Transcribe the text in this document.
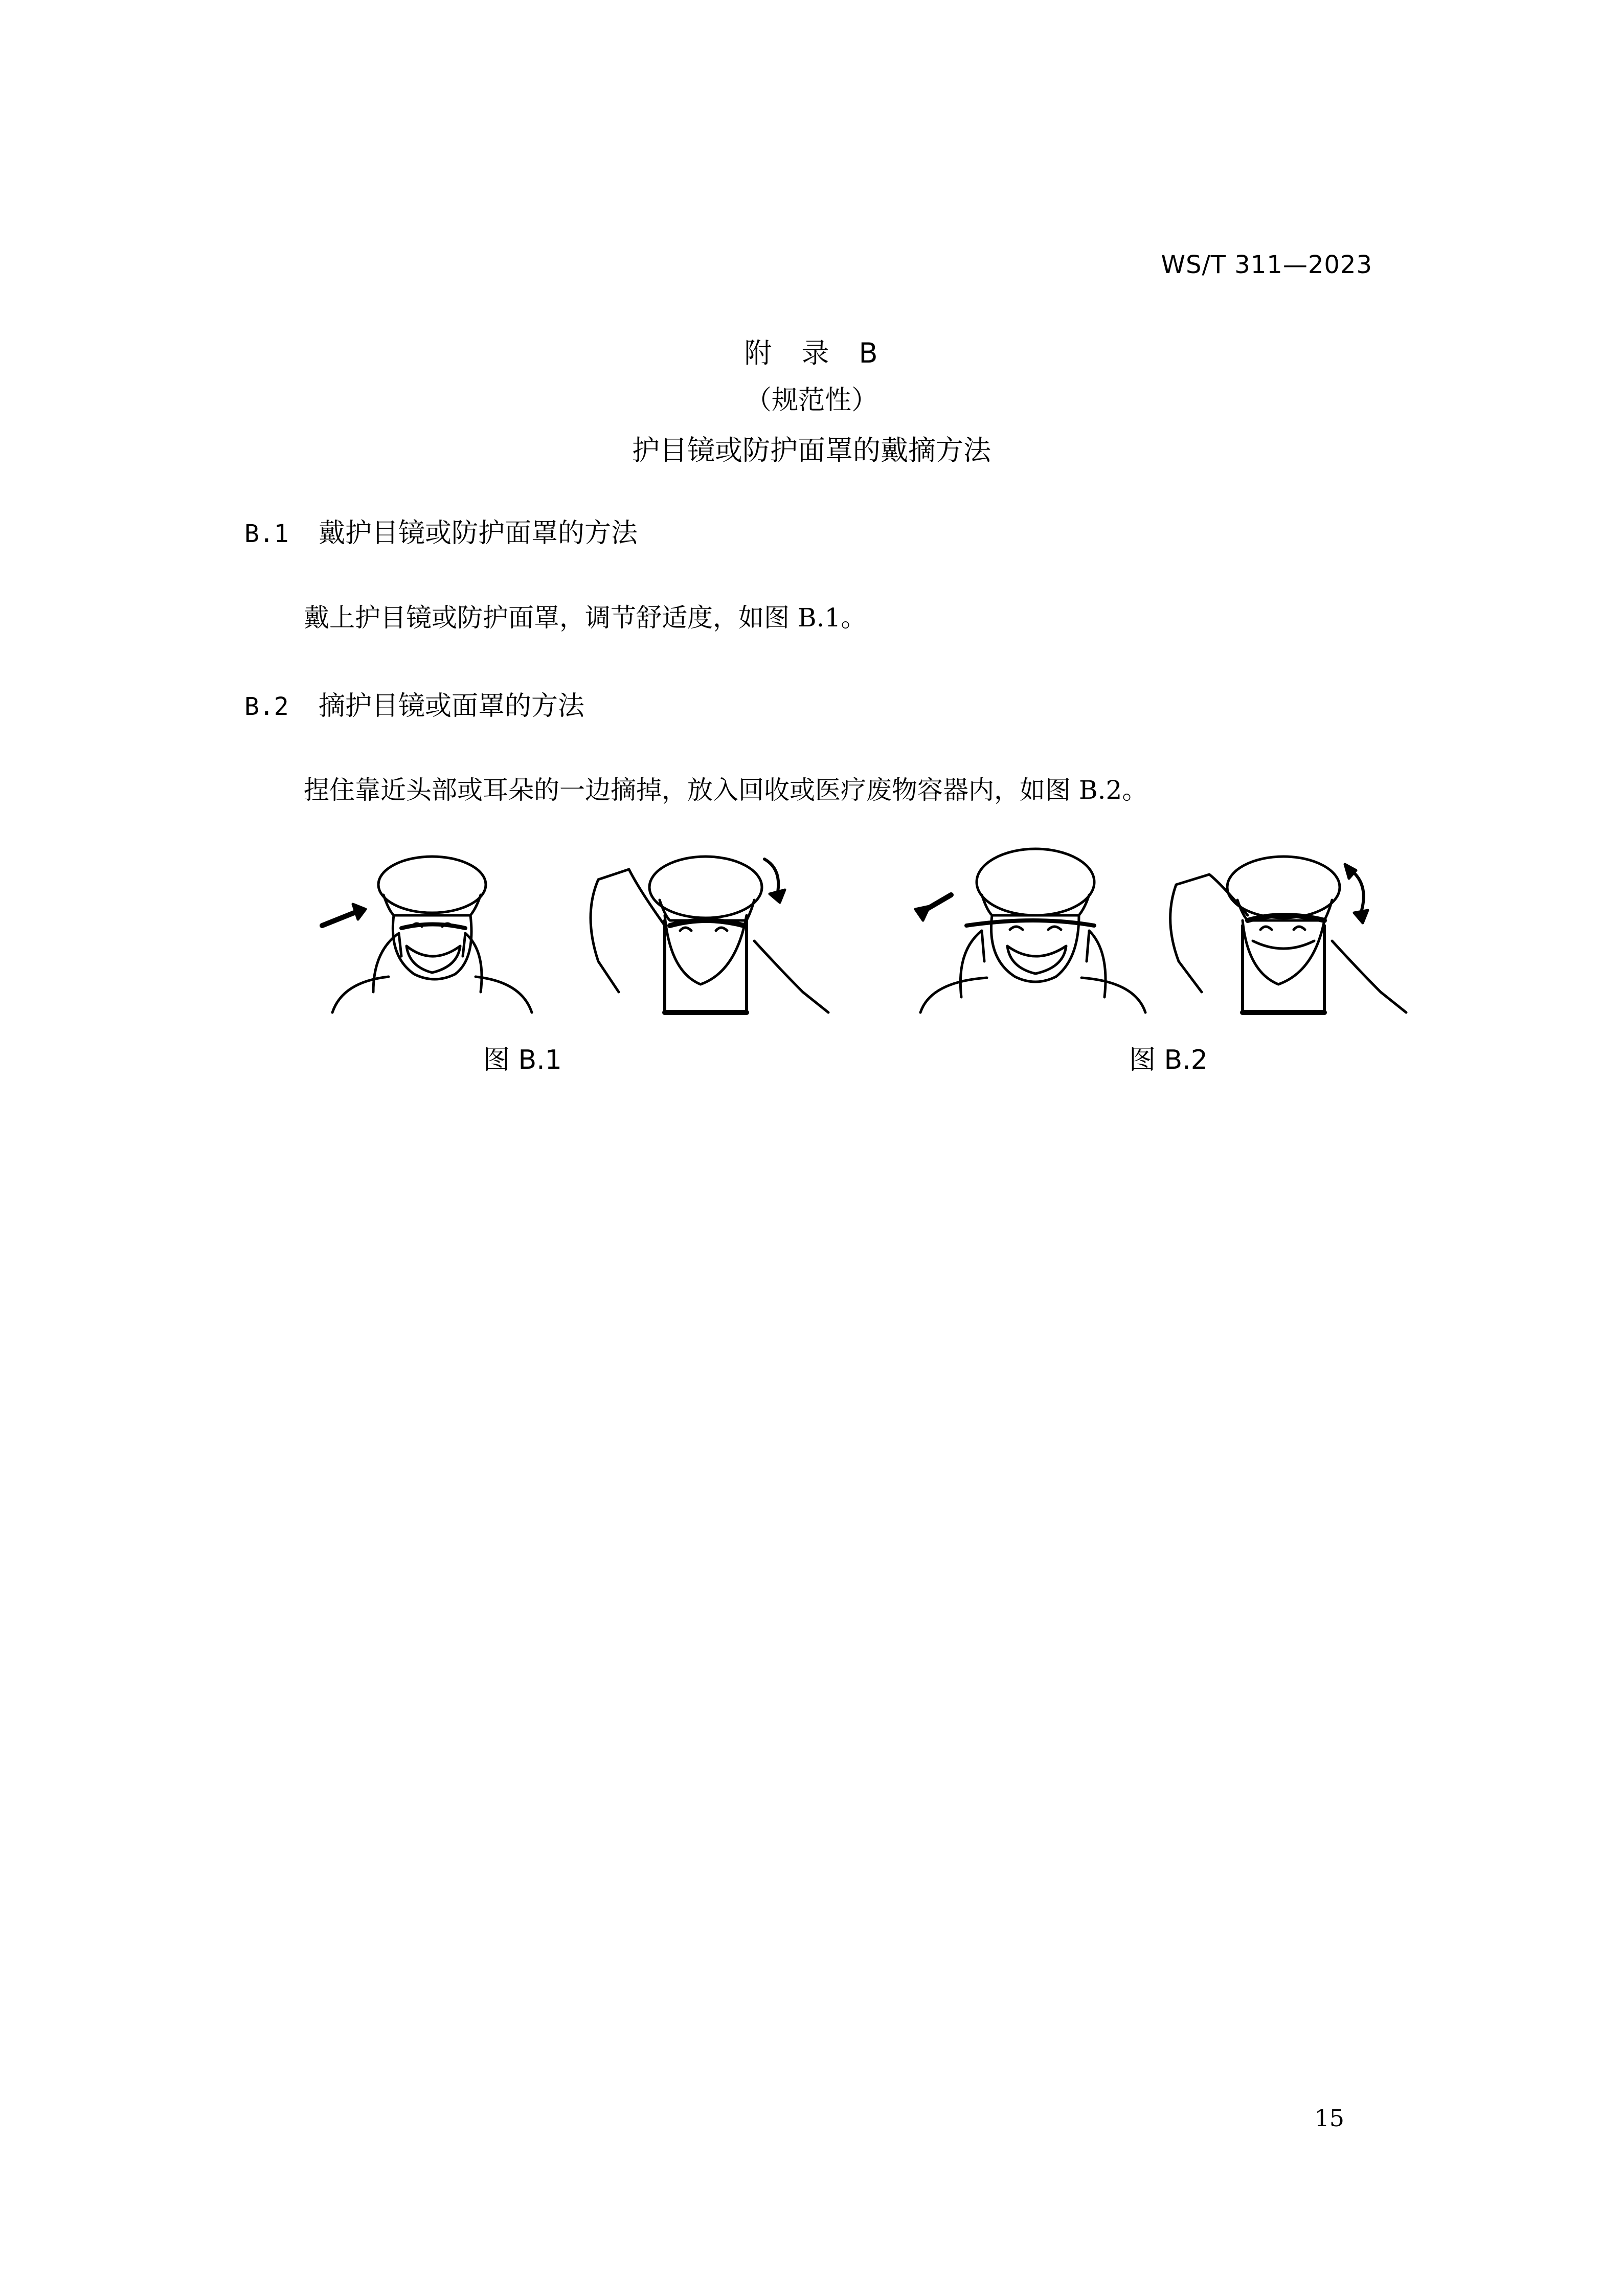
WS/T 311—2023
附　录　B
（规范性）
护目镜或防护面罩的戴摘方法
B.1 戴护目镜或防护面罩的方法
戴上护目镜或防护面罩，调节舒适度，如图 B.1。
B.2 摘护目镜或面罩的方法
捏住靠近头部或耳朵的一边摘掉，放入回收或医疗废物容器内，如图 B.2。
图 B.1	图 B.2
15
